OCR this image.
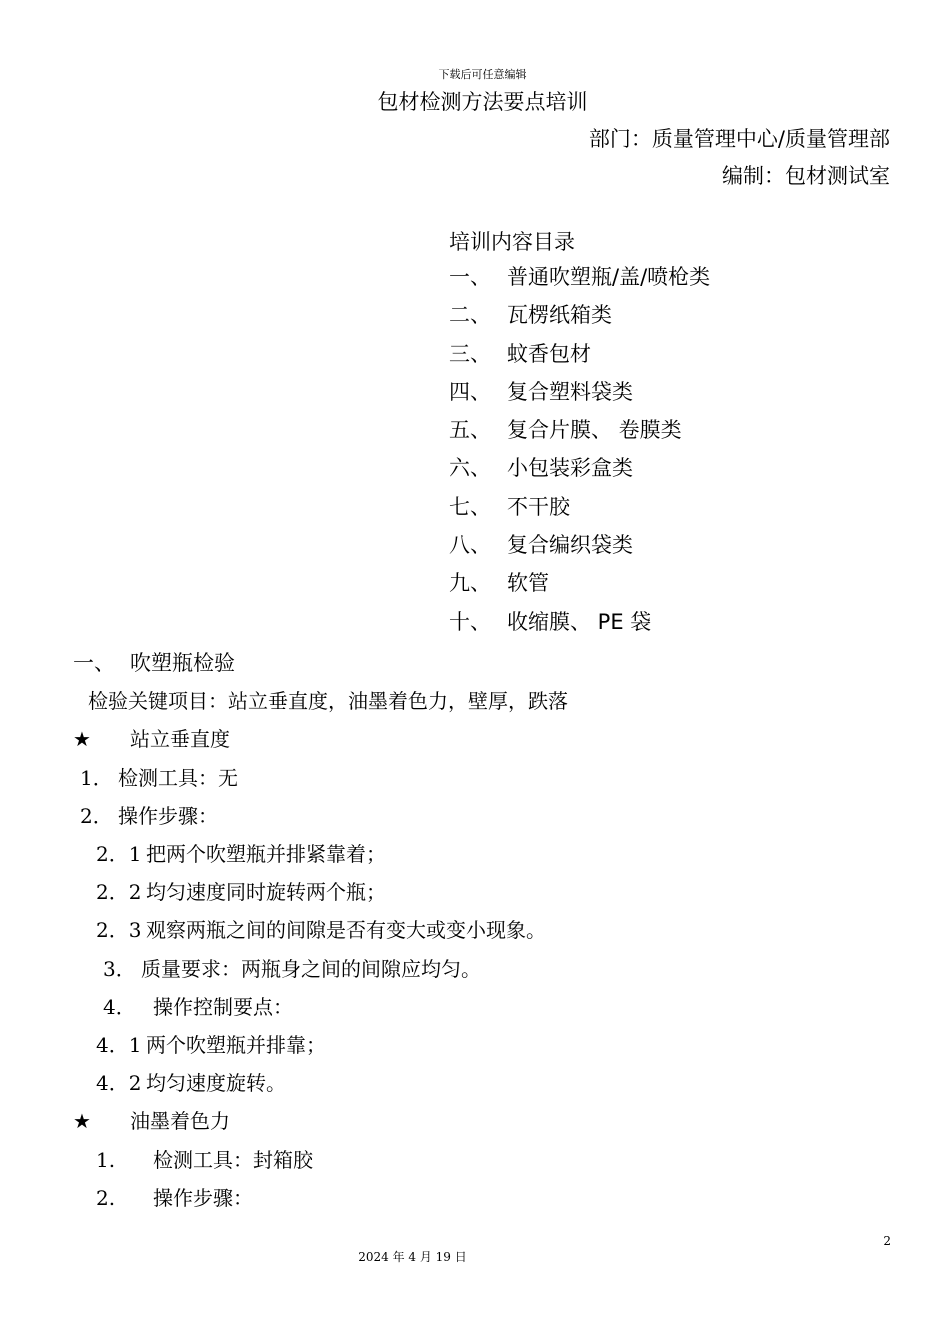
下载后可任意编辑
包材检测方法要点培训
部门：质量管理中心/质量管理部
编制：包材测试室
培训内容目录
一、 普通吹塑瓶/盖/喷枪类
二、 瓦楞纸箱类
三、 蚊香包材
四、 复合塑料袋类
五、 复合片膜、 卷膜类
六、 小包装彩盒类
七、 不干胶
八、 复合编织袋类
九、 软管
十、 收缩膜、 PE 袋
一、 吹塑瓶检验
检验关键项目：站立垂直度，油墨着色力，壁厚，跌落
★ 站立垂直度
1． 检测工具：无
2． 操作步骤：
2．1 把两个吹塑瓶并排紧靠着；
2．2 均匀速度同时旋转两个瓶；
2．3 观察两瓶之间的间隙是否有变大或变小现象。
3． 质量要求：两瓶身之间的间隙应均匀。
4． 操作控制要点：
4．1 两个吹塑瓶并排靠；
4．2 均匀速度旋转。
★ 油墨着色力
1. 检测工具：封箱胶
2. 操作步骤：
2
2024 年 4 月 19 日
